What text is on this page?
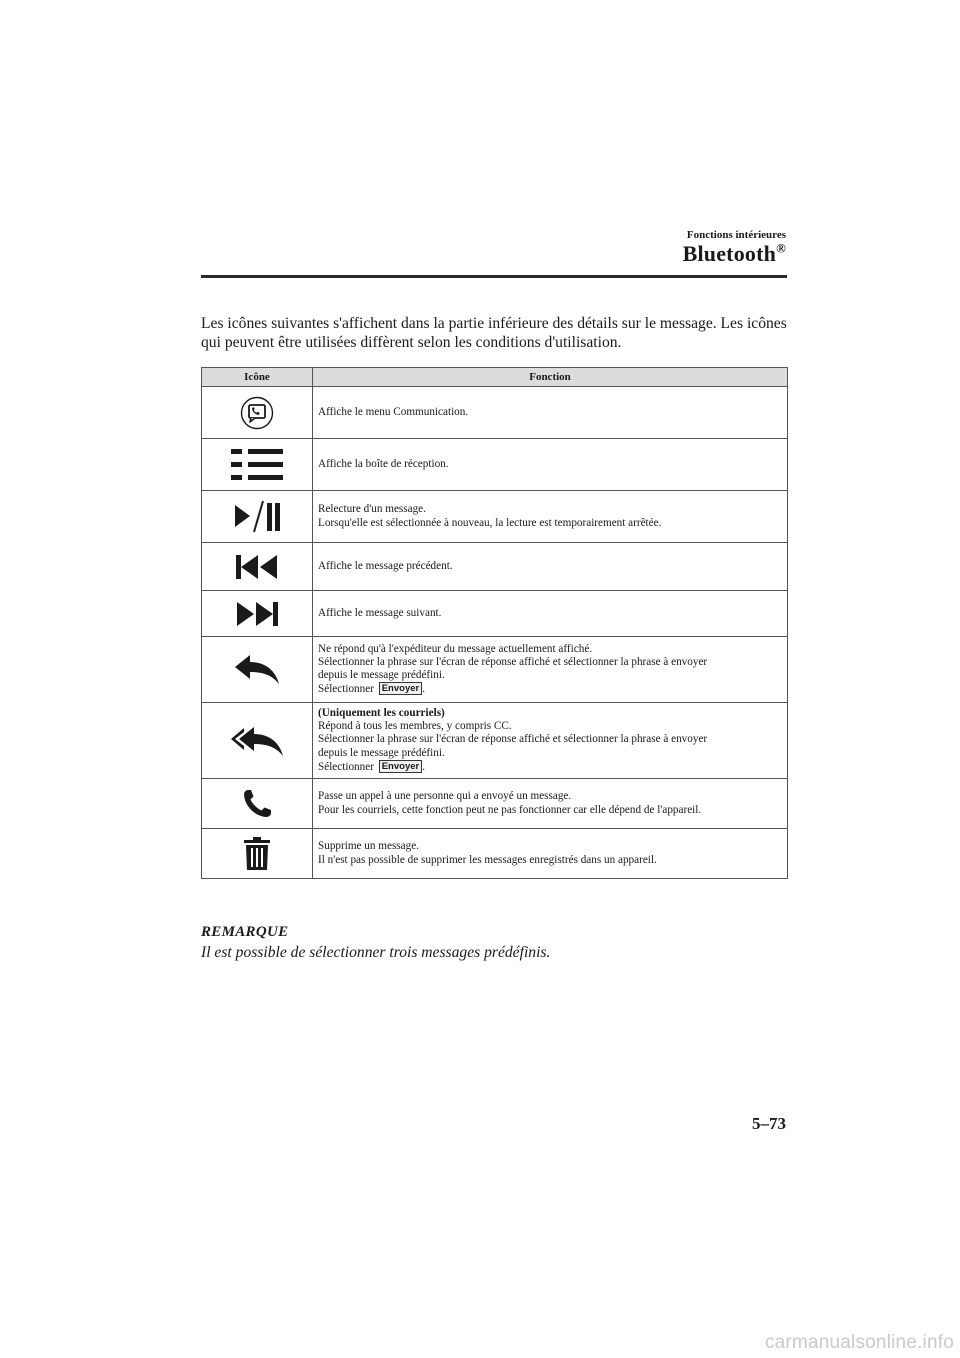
Fonctions intérieures
Bluetooth®
Les icônes suivantes s'affichent dans la partie inférieure des détails sur le message. Les icônes qui peuvent être utilisées diffèrent selon les conditions d'utilisation.
Icône	Fonction

Affiche le menu Communication.

Affiche la boîte de réception.

Relecture d'un message.
Lorsqu'elle est sélectionnée à nouveau, la lecture est temporairement arrêtée.

Affiche le message précédent.

Affiche le message suivant.

Ne répond qu'à l'expéditeur du message actuellement affiché.
Sélectionner la phrase sur l'écran de réponse affiché et sélectionner la phrase à envoyer
depuis le message prédéfini.
Sélectionner Envoyer .

(Uniquement les courriels)
Répond à tous les membres, y compris CC.
Sélectionner la phrase sur l'écran de réponse affiché et sélectionner la phrase à envoyer
depuis le message prédéfini.
Sélectionner Envoyer .

Passe un appel à une personne qui a envoyé un message.
Pour les courriels, cette fonction peut ne pas fonctionner car elle dépend de l'appareil.

Supprime un message.
Il n'est pas possible de supprimer les messages enregistrés dans un appareil.
REMARQUE
Il est possible de sélectionner trois messages prédéfinis.
5–73
carmanualsonline.info
